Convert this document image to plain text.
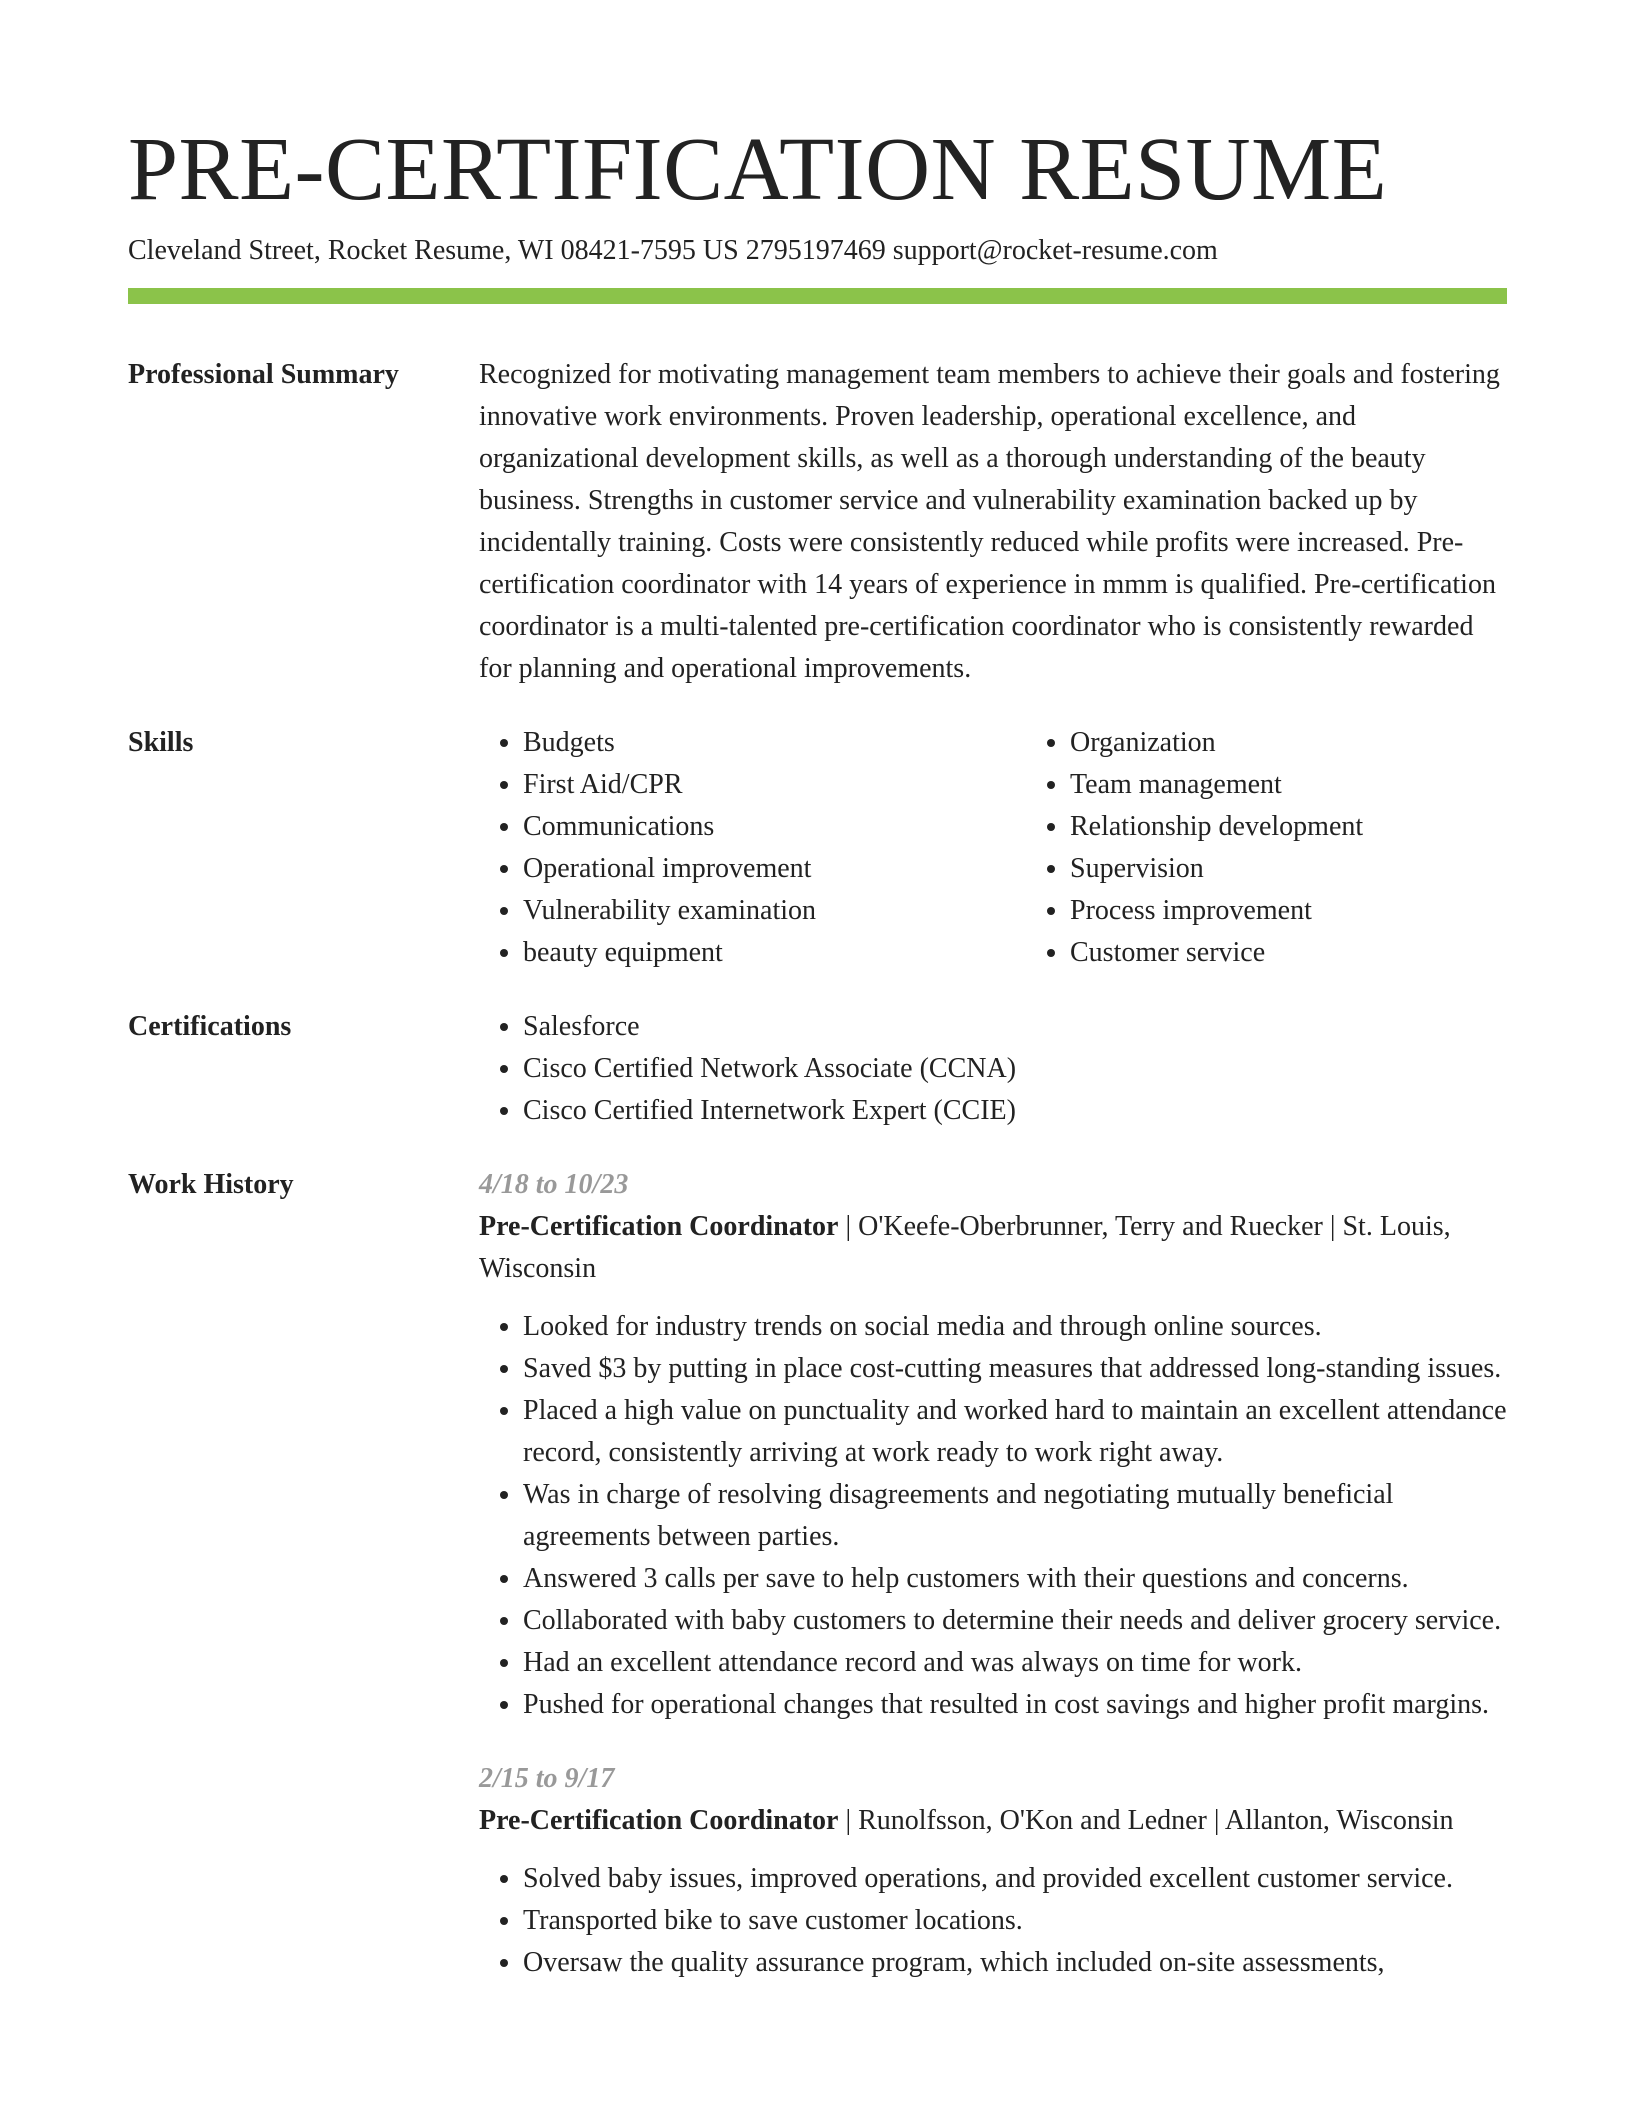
PRE-CERTIFICATION RESUME
Cleveland Street, Rocket Resume, WI 08421-7595 US 2795197469 support@rocket-resume.com
Professional Summary	Recognized for motivating management team members to achieve their goals and fostering innovative work environments. Proven leadership, operational excellence, and organizational development skills, as well as a thorough understanding of the beauty business. Strengths in customer service and vulnerability examination backed up by incidentally training. Costs were consistently reduced while profits were increased. Pre-certification coordinator with 14 years of experience in mmm is qualified. Pre-certification coordinator is a multi-talented pre-certification coordinator who is consistently rewarded for planning and operational improvements.
Skills	• Budgets
• First Aid/CPR
• Communications
• Operational improvement
• Vulnerability examination
• beauty equipment
• Organization
• Team management
• Relationship development
• Supervision
• Process improvement
• Customer service
Certifications	• Salesforce
• Cisco Certified Network Associate (CCNA)
• Cisco Certified Internetwork Expert (CCIE)
Work History	4/18 to 10/23
Pre-Certification Coordinator | O'Keefe-Oberbrunner, Terry and Ruecker | St. Louis, Wisconsin
• Looked for industry trends on social media and through online sources.
• Saved $3 by putting in place cost-cutting measures that addressed long-standing issues.
• Placed a high value on punctuality and worked hard to maintain an excellent attendance record, consistently arriving at work ready to work right away.
• Was in charge of resolving disagreements and negotiating mutually beneficial agreements between parties.
• Answered 3 calls per save to help customers with their questions and concerns.
• Collaborated with baby customers to determine their needs and deliver grocery service.
• Had an excellent attendance record and was always on time for work.
• Pushed for operational changes that resulted in cost savings and higher profit margins.
2/15 to 9/17
Pre-Certification Coordinator | Runolfsson, O'Kon and Ledner | Allanton, Wisconsin
• Solved baby issues, improved operations, and provided excellent customer service.
• Transported bike to save customer locations.
• Oversaw the quality assurance program, which included on-site assessments,
